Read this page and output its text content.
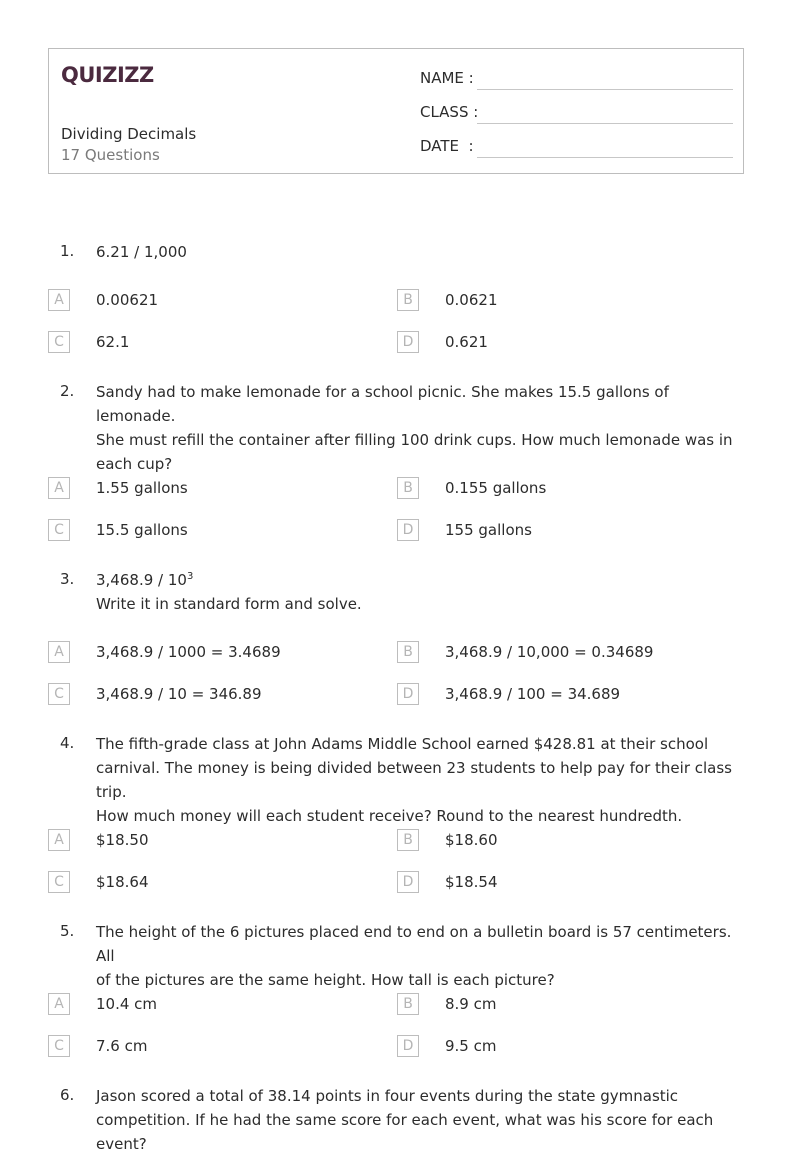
QUIZIZZ
Dividing Decimals
17 Questions
NAME :
CLASS :
DATE  :
1. 6.21 / 1,000
A	0.00621	B	0.0621
C	62.1	D	0.621
2. Sandy had to make lemonade for a school picnic. She makes 15.5 gallons of lemonade.
She must refill the container after filling 100 drink cups. How much lemonade was in
each cup?
A	1.55 gallons	B	0.155 gallons
C	15.5 gallons	D	155 gallons
3. $3,468.9 / 10^3$
Write it in standard form and solve.
A	3,468.9 / 1000 = 3.4689	B	3,468.9 / 10,000 = 0.34689
C	3,468.9 / 10 = 346.89	D	3,468.9 / 100 = 34.689
4. The fifth-grade class at John Adams Middle School earned $428.81 at their school
carnival. The money is being divided between 23 students to help pay for their class trip.
How much money will each student receive? Round to the nearest hundredth.
A	$18.50	B	$18.60
C	$18.64	D	$18.54
5. The height of the 6 pictures placed end to end on a bulletin board is 57 centimeters. All
of the pictures are the same height. How tall is each picture?
A	10.4 cm	B	8.9 cm
C	7.6 cm	D	9.5 cm
6. Jason scored a total of 38.14 points in four events during the state gymnastic
competition. If he had the same score for each event, what was his score for each event?
